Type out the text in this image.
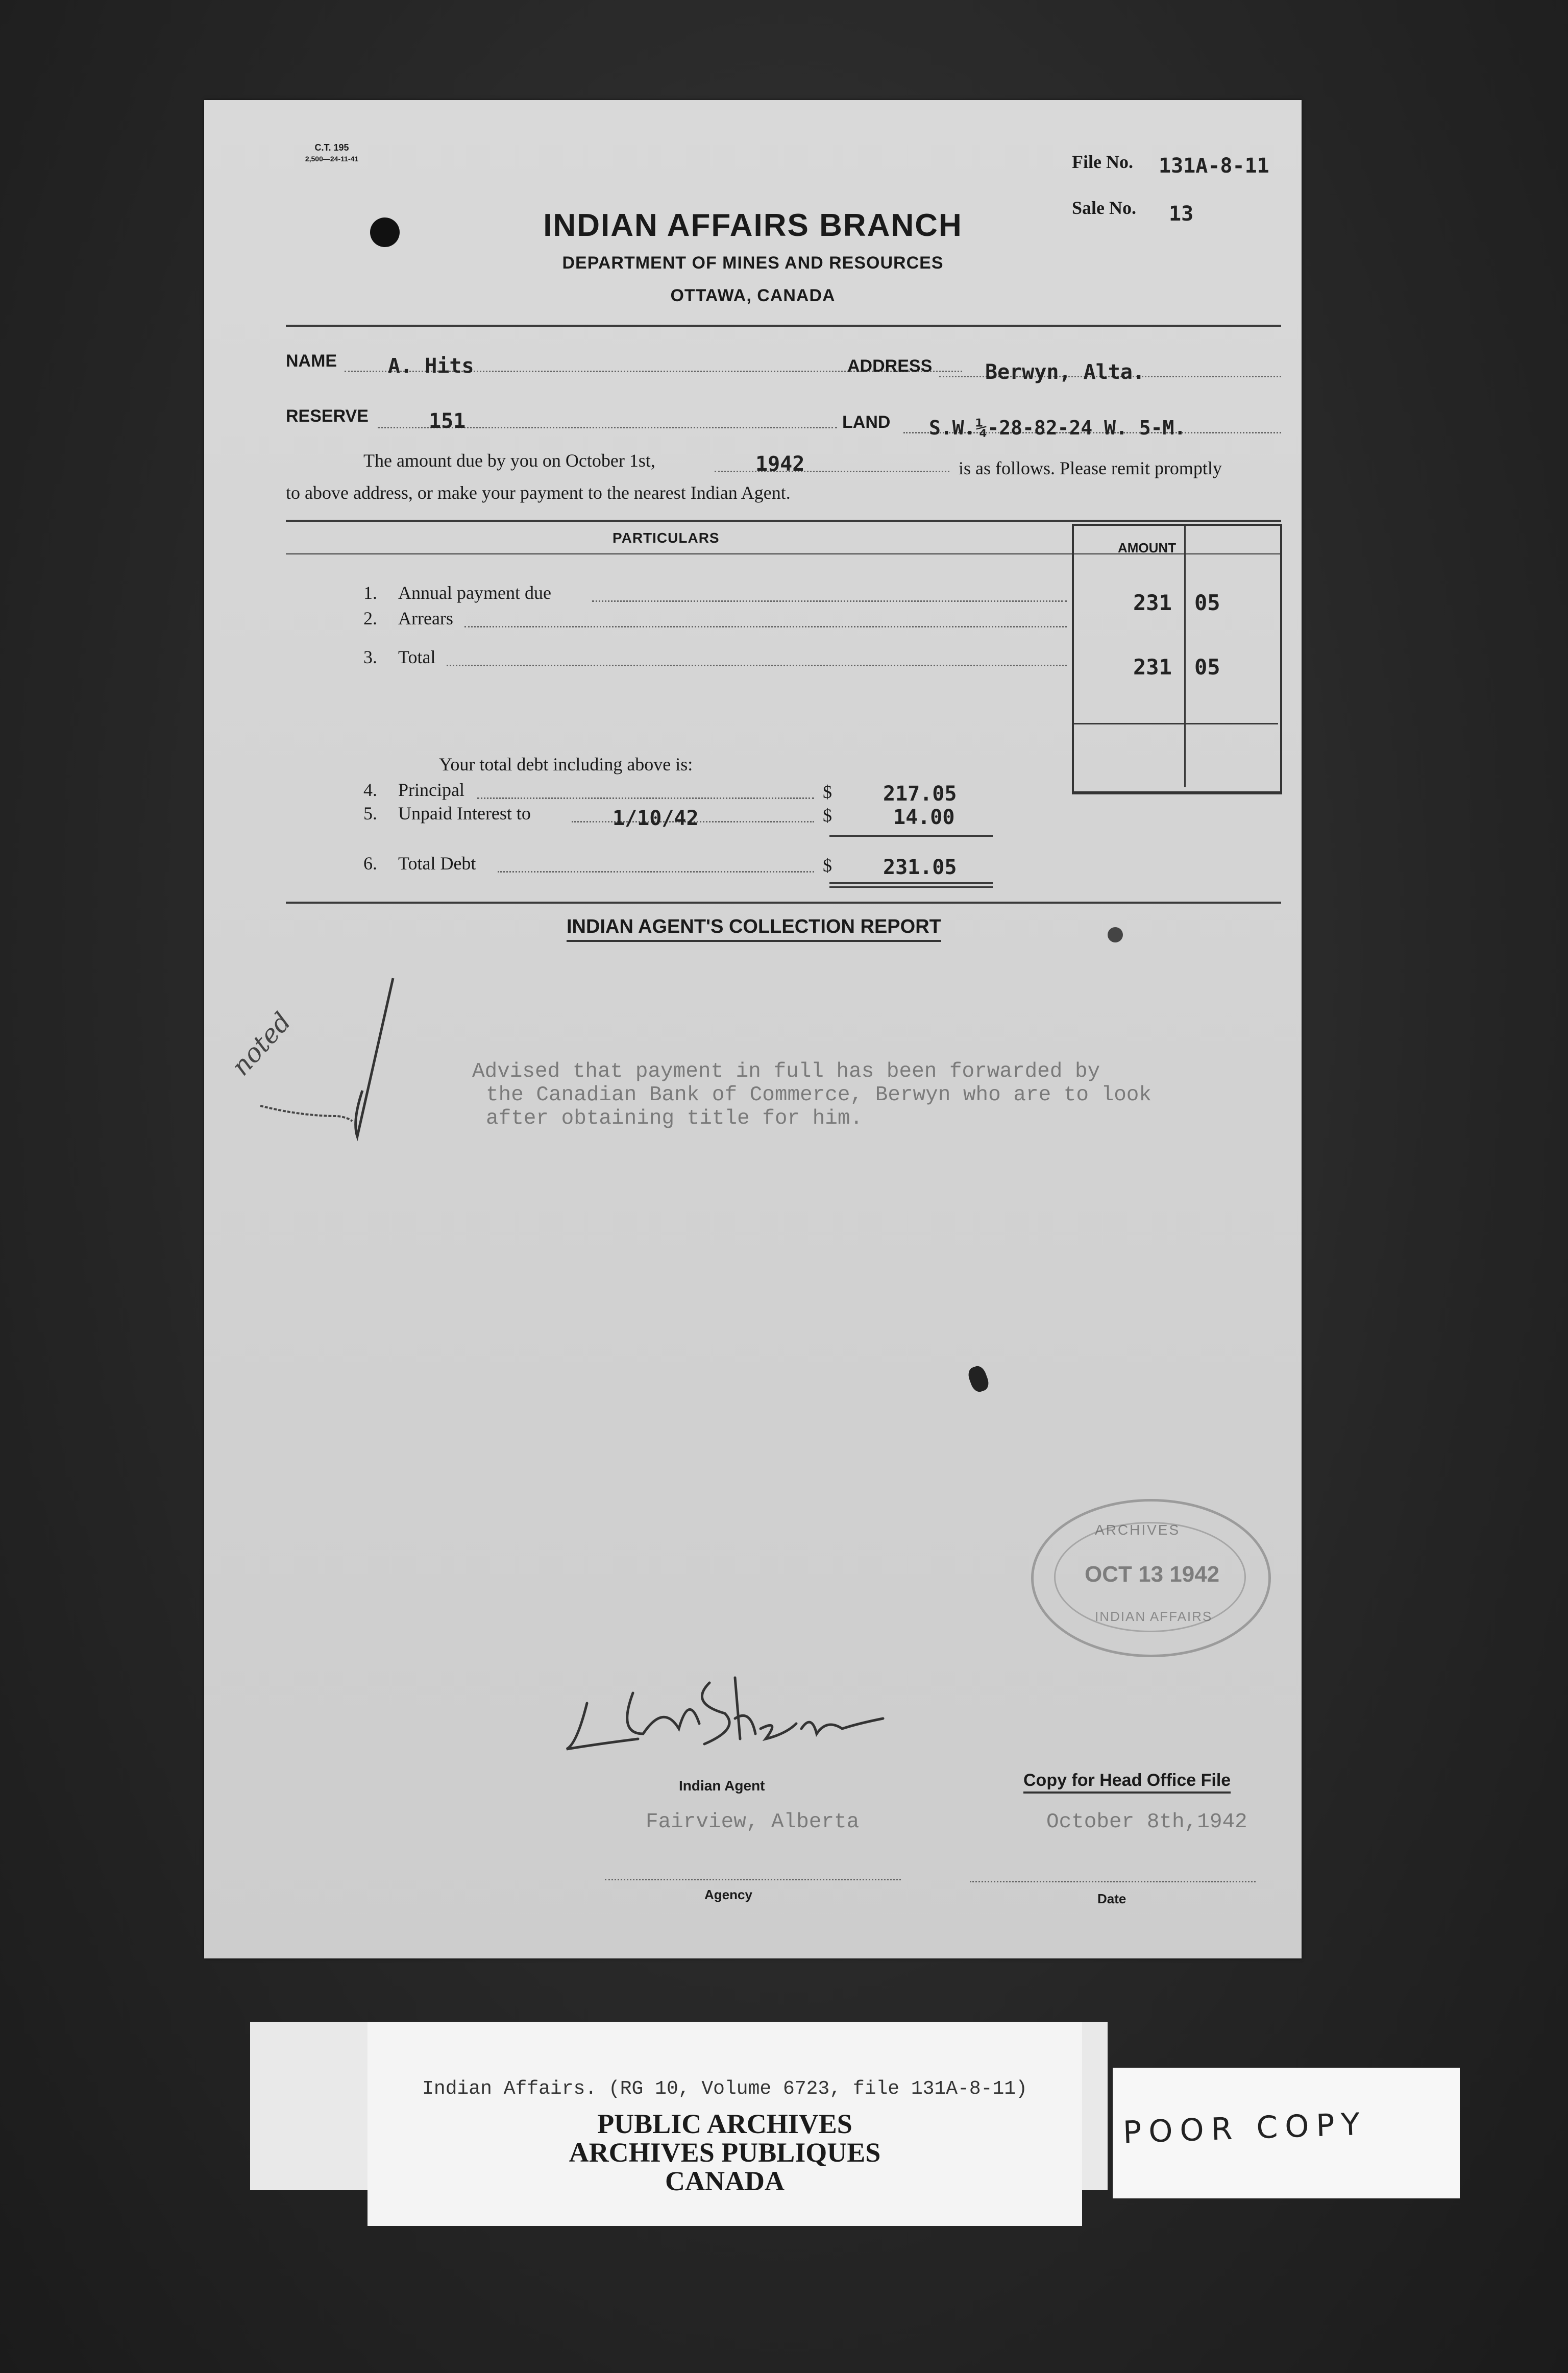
C.T. 195
2,500—24-11-41	File No. 131A-8-11
Sale No. 13
INDIAN AFFAIRS BRANCH
DEPARTMENT OF MINES AND RESOURCES
OTTAWA, CANADA
NAME A. Hits	ADDRESS	Berwyn, Alta.
RESERVE	151	LAND S.W.¼-28-82-24 W. 5-M.
The amount due by you on October 1st,	1942	is as follows. Please remit promptly
to above address, or make your payment to the nearest Indian Agent.
PARTICULARS
AMOUNT
1. Annual payment due	231 05
2. Arrears
3. Total	231 05
Your total debt including above is:
4. Principal	$	217.05
5. Unpaid Interest to	1/10/42	$	14.00
6. Total Debt	$	231.05
INDIAN AGENT'S COLLECTION REPORT
noted	Advised that payment in full has been forwarded by
the Canadian Bank of Commerce, Berwyn who are to look
after obtaining title for him.
ARCHIVES
OCT 13 1942
INDIAN AFFAIRS
Indian Agent	Copy for Head Office File
Fairview, Alberta	October 8th,1942
Agency	Date
Indian Affairs. (RG 10, Volume 6723, file 131A-8-11)
PUBLIC ARCHIVES
ARCHIVES PUBLIQUES
CANADA
POOR COPY
